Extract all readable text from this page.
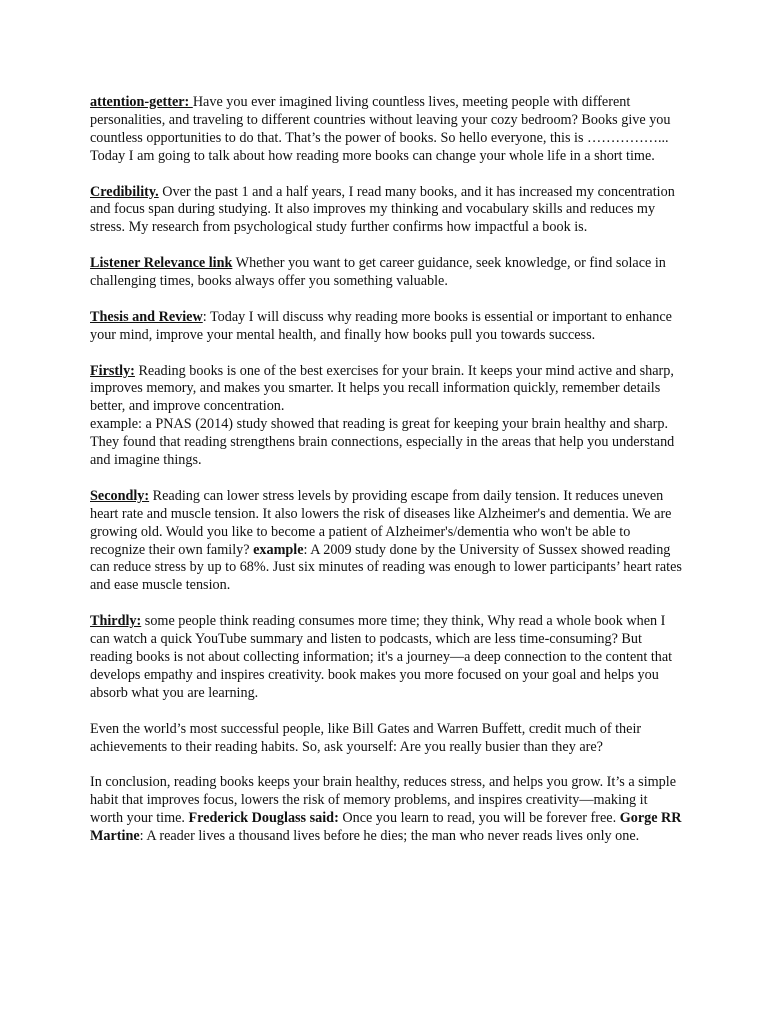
attention-getter: Have you ever imagined living countless lives, meeting people with different personalities, and traveling to different countries without leaving your cozy bedroom? Books give you countless opportunities to do that. That’s the power of books. So hello everyone, this is ……………... Today I am going to talk about how reading more books can change your whole life in a short time.

Credibility. Over the past 1 and a half years, I read many books, and it has increased my concentration and focus span during studying. It also improves my thinking and vocabulary skills and reduces my stress. My research from psychological study further confirms how impactful a book is.

Listener Relevance link Whether you want to get career guidance, seek knowledge, or find solace in challenging times, books always offer you something valuable.

Thesis and Review: Today I will discuss why reading more books is essential or important to enhance your mind, improve your mental health, and finally how books pull you towards success.

Firstly: Reading books is one of the best exercises for your brain. It keeps your mind active and sharp, improves memory, and makes you smarter. It helps you recall information quickly, remember details better, and improve concentration.
example: a PNAS (2014) study showed that reading is great for keeping your brain healthy and sharp. They found that reading strengthens brain connections, especially in the areas that help you understand and imagine things.

Secondly: Reading can lower stress levels by providing escape from daily tension. It reduces uneven heart rate and muscle tension. It also lowers the risk of diseases like Alzheimer's and dementia. We are growing old. Would you like to become a patient of Alzheimer's/dementia who won't be able to recognize their own family? example: A 2009 study done by the University of Sussex showed reading can reduce stress by up to 68%. Just six minutes of reading was enough to lower participants’ heart rates and ease muscle tension.

Thirdly: some people think reading consumes more time; they think, Why read a whole book when I can watch a quick YouTube summary and listen to podcasts, which are less time-consuming? But reading books is not about collecting information; it's a journey—a deep connection to the content that develops empathy and inspires creativity. book makes you more focused on your goal and helps you absorb what you are learning.

Even the world’s most successful people, like Bill Gates and Warren Buffett, credit much of their achievements to their reading habits. So, ask yourself: Are you really busier than they are?

In conclusion, reading books keeps your brain healthy, reduces stress, and helps you grow. It’s a simple habit that improves focus, lowers the risk of memory problems, and inspires creativity—making it worth your time. Frederick Douglass said: Once you learn to read, you will be forever free. Gorge RR Martine: A reader lives a thousand lives before he dies; the man who never reads lives only one.
